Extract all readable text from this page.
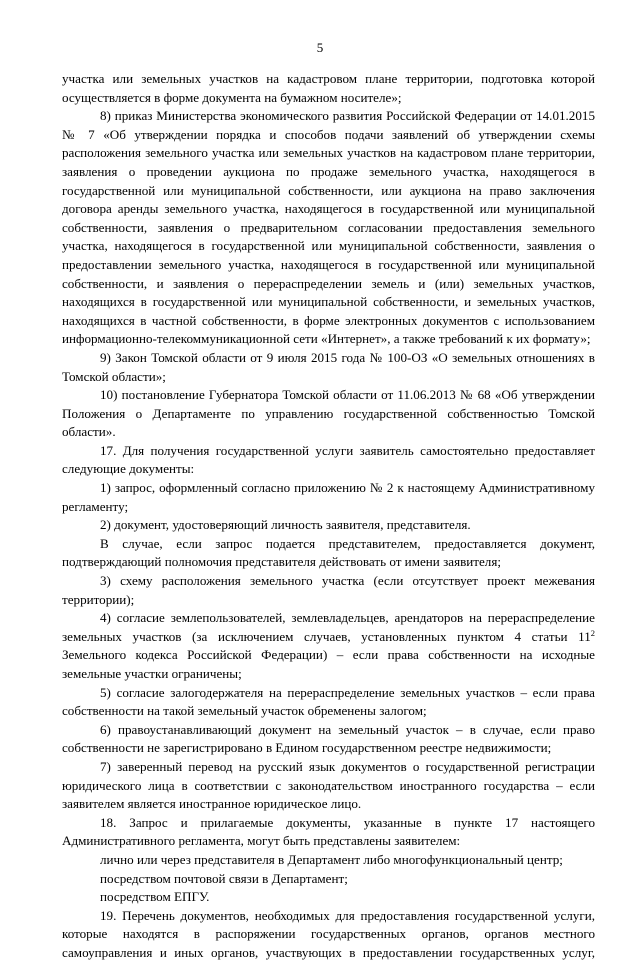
5

участка или земельных участков на кадастровом плане территории, подготовка которой осуществляется в форме документа на бумажном носителе»;

8) приказ Министерства экономического развития Российской Федерации от 14.01.2015 № 7 «Об утверждении порядка и способов подачи заявлений об утверждении схемы расположения земельного участка или земельных участков на кадастровом плане территории, заявления о проведении аукциона по продаже земельного участка, находящегося в государственной или муниципальной собственности, или аукциона на право заключения договора аренды земельного участка, находящегося в государственной или муниципальной собственности, заявления о предварительном согласовании предоставления земельного участка, находящегося в государственной или муниципальной собственности, заявления о предоставлении земельного участка, находящегося в государственной или муниципальной собственности, и заявления о перераспределении земель и (или) земельных участков, находящихся в государственной или муниципальной собственности, и земельных участков, находящихся в частной собственности, в форме электронных документов с использованием информационно-телекоммуникационной сети «Интернет», а также требований к их формату»;

9) Закон Томской области от 9 июля 2015 года № 100-ОЗ «О земельных отношениях в Томской области»;

10) постановление Губернатора Томской области от 11.06.2013 № 68 «Об утверждении Положения о Департаменте по управлению государственной собственностью Томской области».

17. Для получения государственной услуги заявитель самостоятельно предоставляет следующие документы:

1) запрос, оформленный согласно приложению № 2 к настоящему Административному регламенту;

2) документ, удостоверяющий личность заявителя, представителя.

В случае, если запрос подается представителем, предоставляется документ, подтверждающий полномочия представителя действовать от имени заявителя;

3) схему расположения земельного участка (если отсутствует проект межевания территории);

4) согласие землепользователей, землевладельцев, арендаторов на перераспределение земельных участков (за исключением случаев, установленных пунктом 4 статьи $11^2$ Земельного кодекса Российской Федерации) – если права собственности на исходные земельные участки ограничены;

5) согласие залогодержателя на перераспределение земельных участков – если права собственности на такой земельный участок обременены залогом;

6) правоустанавливающий документ на земельный участок – в случае, если право собственности не зарегистрировано в Едином государственном реестре недвижимости;

7) заверенный перевод на русский язык документов о государственной регистрации юридического лица в соответствии с законодательством иностранного государства – если заявителем является иностранное юридическое лицо.

18. Запрос и прилагаемые документы, указанные в пункте 17 настоящего Административного регламента, могут быть представлены заявителем:

лично или через представителя в Департамент либо многофункциональный центр;

посредством почтовой связи в Департамент;

посредством ЕПГУ.

19. Перечень документов, необходимых для предоставления государственной услуги, которые находятся в распоряжении государственных органов, органов местного самоуправления и иных органов, участвующих в предоставлении государственных услуг,
